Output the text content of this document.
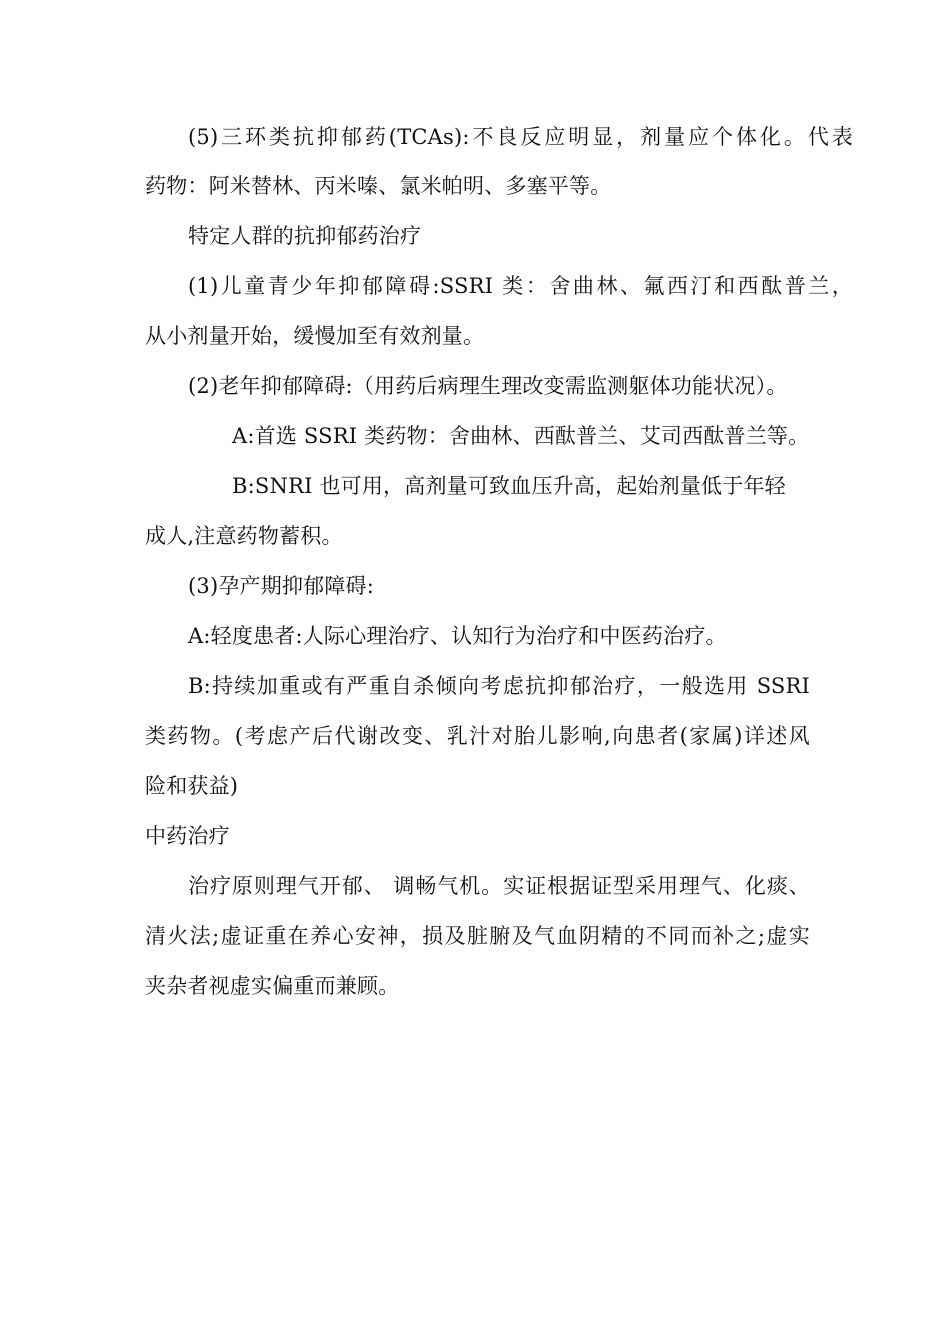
(5)三环类抗抑郁药(TCAs):不良反应明显，剂量应个体化。代表
药物：阿米替林、丙米嗪、氯米帕明、多塞平等。
特定人群的抗抑郁药治疗
(1)儿童青少年抑郁障碍:SSRI 类：舍曲林、氟西汀和西酞普兰，
从小剂量开始，缓慢加至有效剂量。
(2)老年抑郁障碍:（用药后病理生理改变需监测躯体功能状况）。
A:首选 SSRI 类药物：舍曲林、西酞普兰、艾司西酞普兰等。
B:SNRI 也可用，高剂量可致血压升高，起始剂量低于年轻
成人,注意药物蓄积。
(3)孕产期抑郁障碍:
A:轻度患者:人际心理治疗、认知行为治疗和中医药治疗。
B:持续加重或有严重自杀倾向考虑抗抑郁治疗，一般选用 SSRI
类药物。(考虑产后代谢改变、乳汁对胎儿影响,向患者(家属)详述风
险和获益)
中药治疗
治疗原则理气开郁、 调畅气机。实证根据证型采用理气、化痰、
清火法;虚证重在养心安神，损及脏腑及气血阴精的不同而补之;虚实
夹杂者视虚实偏重而兼顾。
